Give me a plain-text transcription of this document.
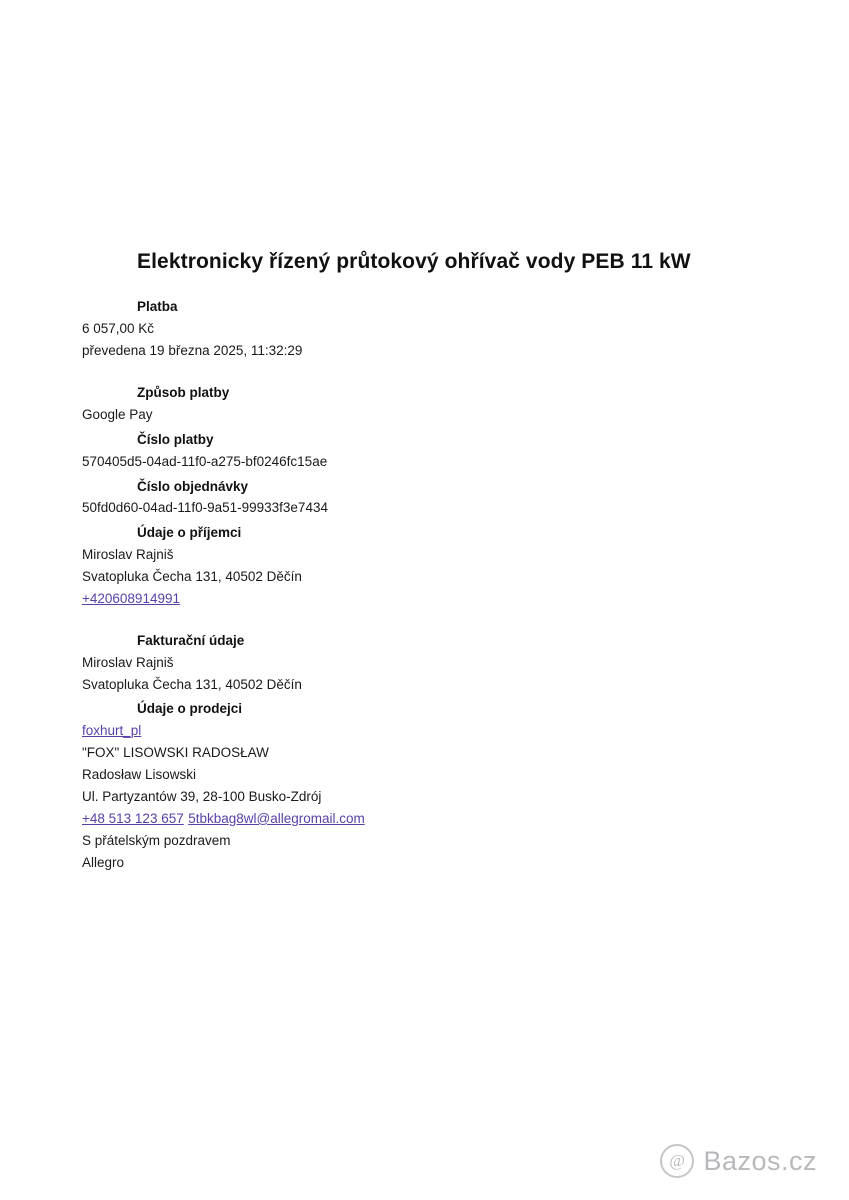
Elektronicky řízený průtokový ohřívač vody PEB 11 kW
Platba
6 057,00 Kč
převedena 19 března 2025, 11:32:29
Způsob platby
Google Pay
Číslo platby
570405d5-04ad-11f0-a275-bf0246fc15ae
Číslo objednávky
50fd0d60-04ad-11f0-9a51-99933f3e7434
Údaje o příjemci
Miroslav Rajniš
Svatopluka Čecha 131, 40502 Děčín
+420608914991
Fakturační údaje
Miroslav Rajniš
Svatopluka Čecha 131, 40502 Děčín
Údaje o prodejci
foxhurt_pl
"FOX" LISOWSKI RADOSŁAW
Radosław Lisowski
Ul. Partyzantów 39, 28-100 Busko-Zdrój
+48 513 123 657 5tbkbag8wl@allegromail.com
S přátelským pozdravem
Allegro
@ Bazos.cz
